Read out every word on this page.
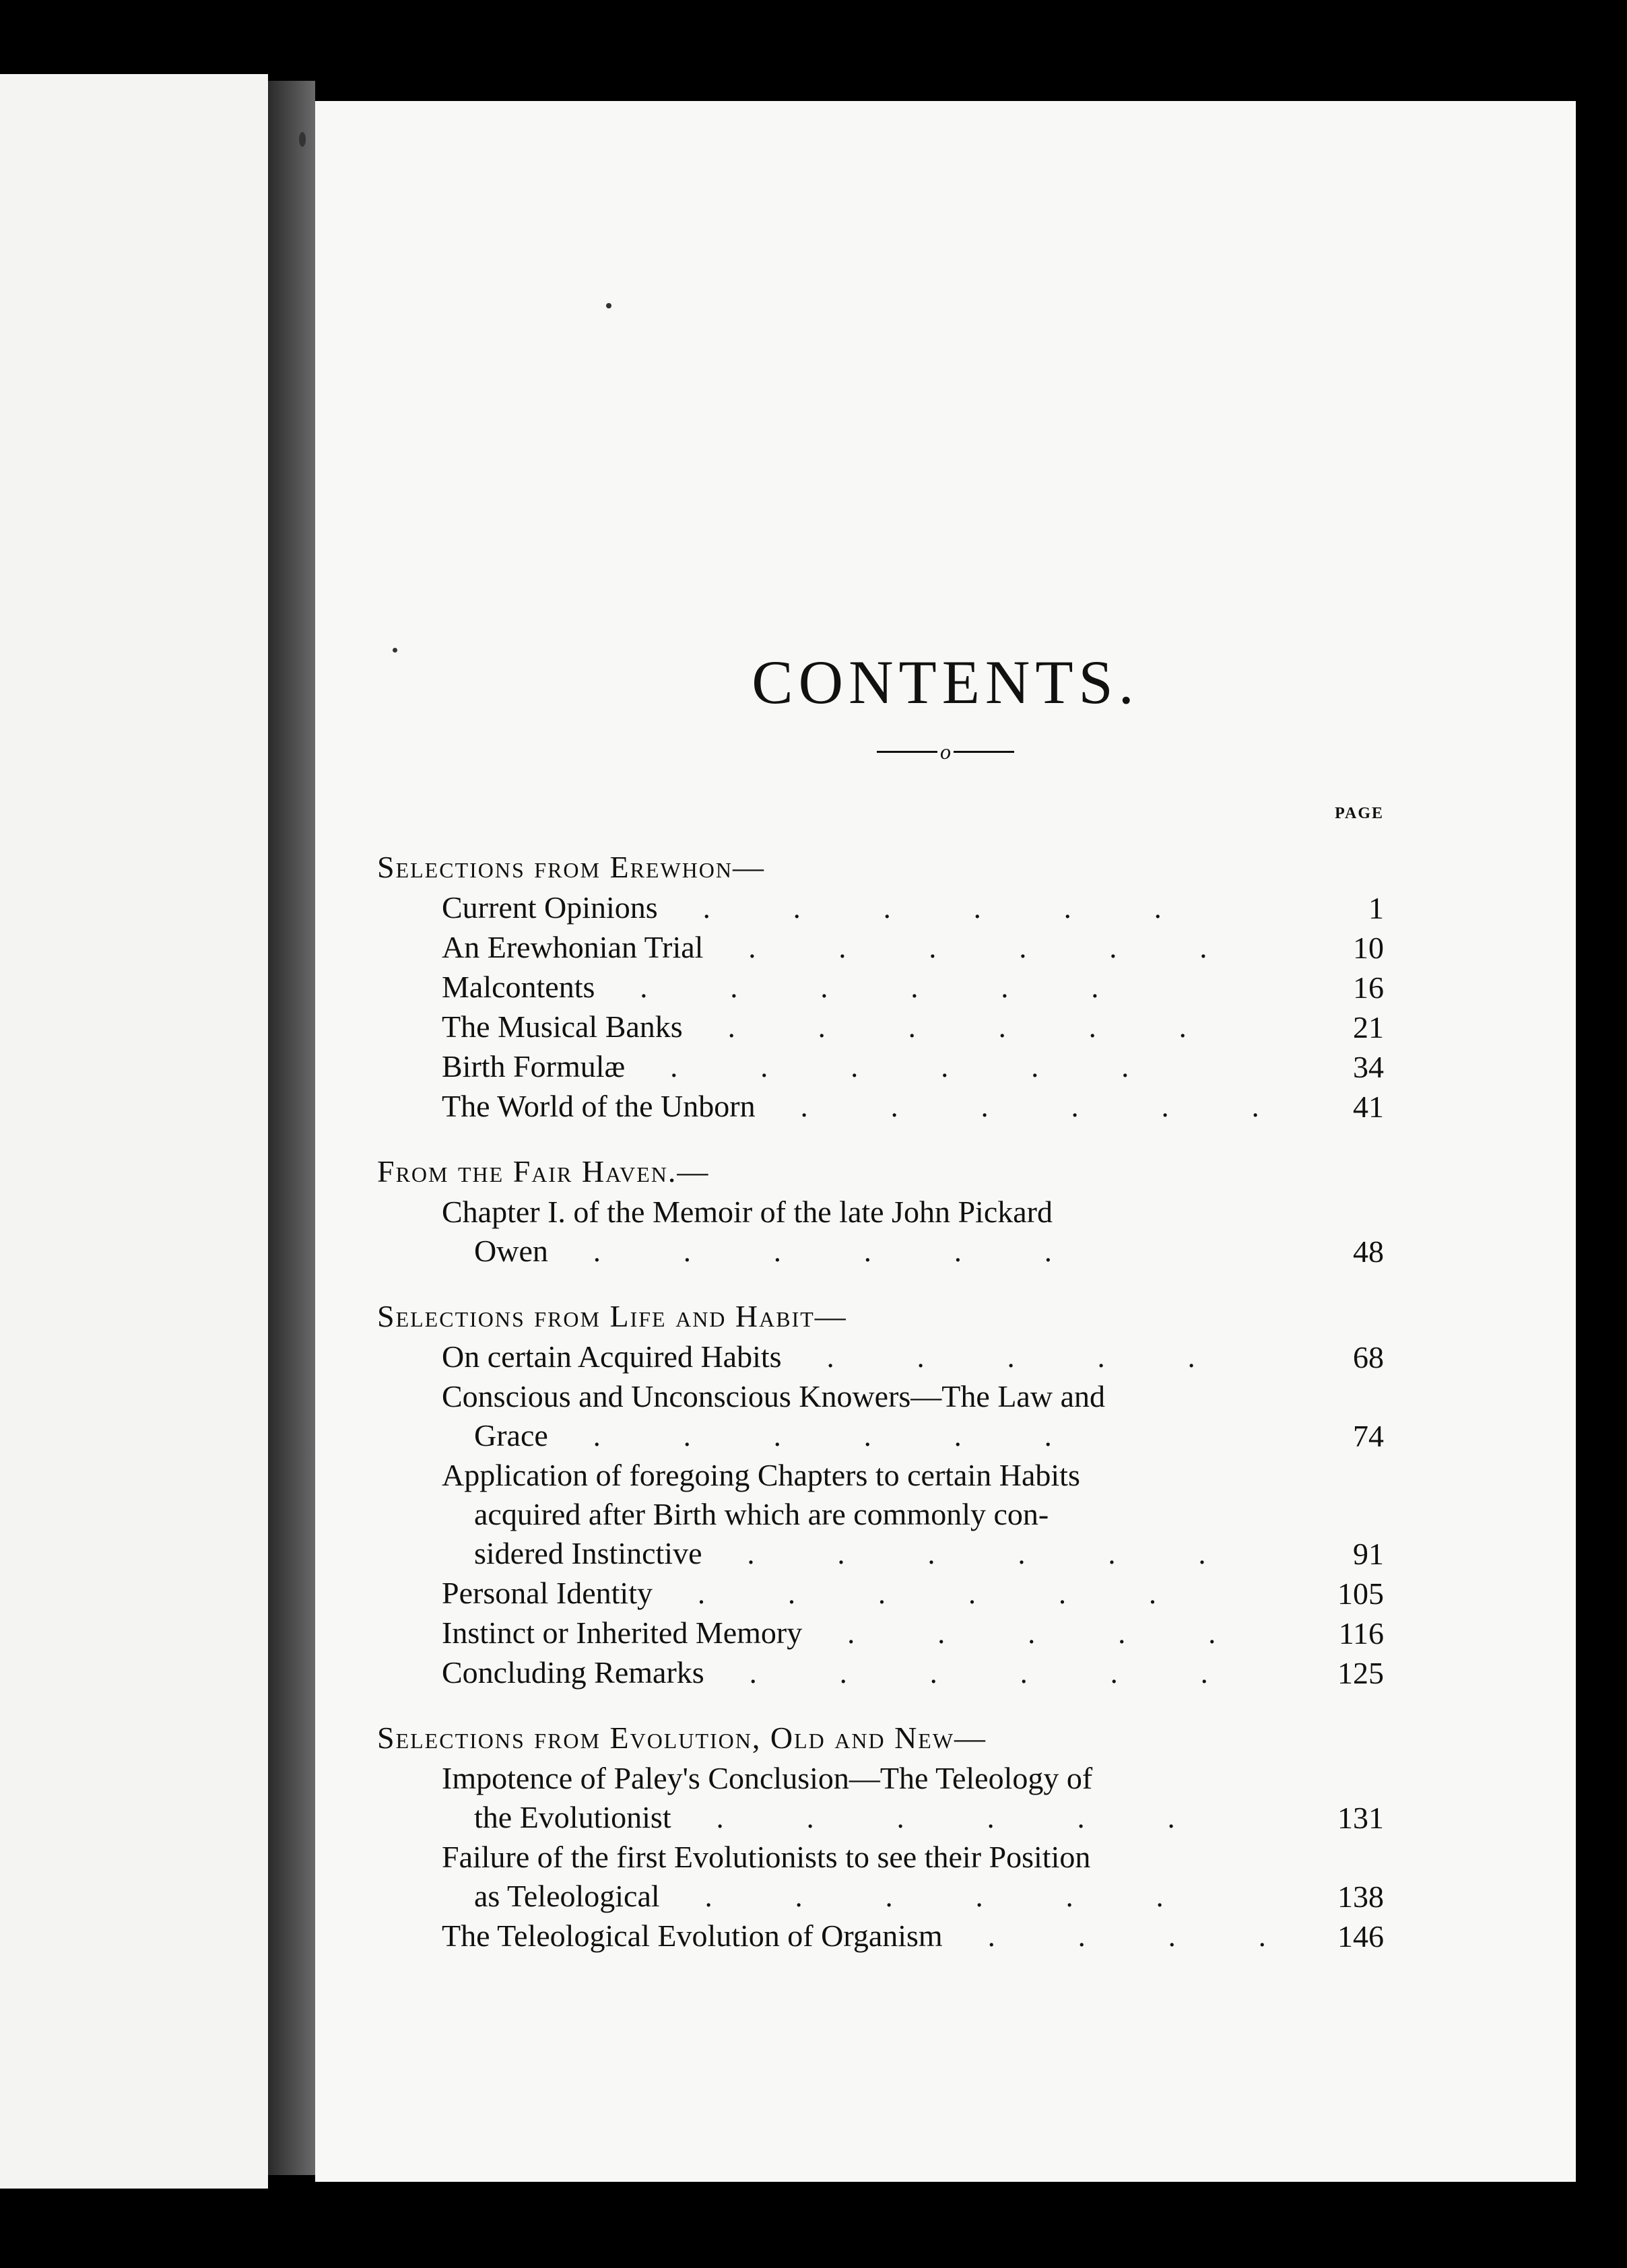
CONTENTS.
o
PAGE
Selections from Erewhon—
Current Opinions . . . . . .	1
An Erewhonian Trial . . . . . .	10
Malcontents . . . . . .	16
The Musical Banks . . . . . .	21
Birth Formulæ . . . . . .	34
The World of the Unborn . . . . . .	41
From the Fair Haven.—
Chapter I. of the Memoir of the late John Pickard
Owen . . . . . .	48
Selections from Life and Habit—
On certain Acquired Habits . . . . .	68
Conscious and Unconscious Knowers—The Law and
Grace . . . . . .	74
Application of foregoing Chapters to certain Habits
acquired after Birth which are commonly con-
sidered Instinctive . . . . . .	91
Personal Identity . . . . . .	105
Instinct or Inherited Memory . . . . .	116
Concluding Remarks . . . . . .	125
Selections from Evolution, Old and New—
Impotence of Paley's Conclusion—The Teleology of
the Evolutionist . . . . . .	131
Failure of the first Evolutionists to see their Position
as Teleological . . . . . .	138
The Teleological Evolution of Organism . . . .	146
